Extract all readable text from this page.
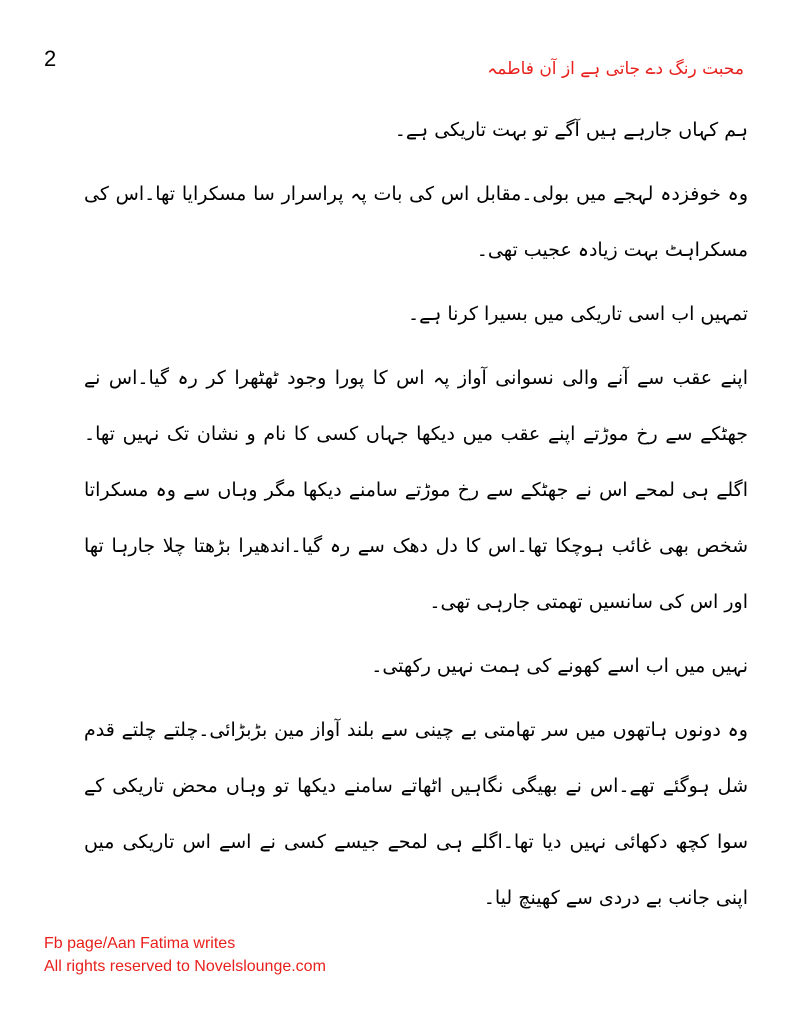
2	محبت رنگ دے جاتی ہے از آن فاطمہ

ہم کہاں جارہے ہیں آگے تو بہت تاریکی ہے۔

وہ خوفزدہ لہجے میں بولی۔مقابل اس کی بات پہ پراسرار سا مسکرایا تھا۔اس کی مسکراہٹ بہت زیادہ عجیب تھی۔

تمہیں اب اسی تاریکی میں بسیرا کرنا ہے۔

اپنے عقب سے آنے والی نسوانی آواز پہ اس کا پورا وجود ٹھٹھرا کر رہ گیا۔اس نے جھٹکے سے رخ موڑتے اپنے عقب میں دیکھا جہاں کسی کا نام و نشان تک نہیں تھا۔اگلے ہی لمحے اس نے جھٹکے سے رخ موڑتے سامنے دیکھا مگر وہاں سے وہ مسکراتا شخص بھی غائب ہوچکا تھا۔اس کا دل دھک سے رہ گیا۔اندھیرا بڑھتا چلا جارہا تھا اور اس کی سانسیں تھمتی جارہی تھی۔

نہیں میں اب اسے کھونے کی ہمت نہیں رکھتی۔

وہ دونوں ہاتھوں میں سر تھامتی بے چینی سے بلند آواز مین بڑبڑائی۔چلتے چلتے قدم شل ہوگئے تھے۔اس نے بھیگی نگاہیں اٹھاتے سامنے دیکھا تو وہاں محض تاریکی کے سوا کچھ دکھائی نہیں دیا تھا۔اگلے ہی لمحے جیسے کسی نے اسے اس تاریکی میں اپنی جانب بے دردی سے کھینچ لیا۔

Fb page/Aan Fatima writes
All rights reserved to Novelslounge.com
